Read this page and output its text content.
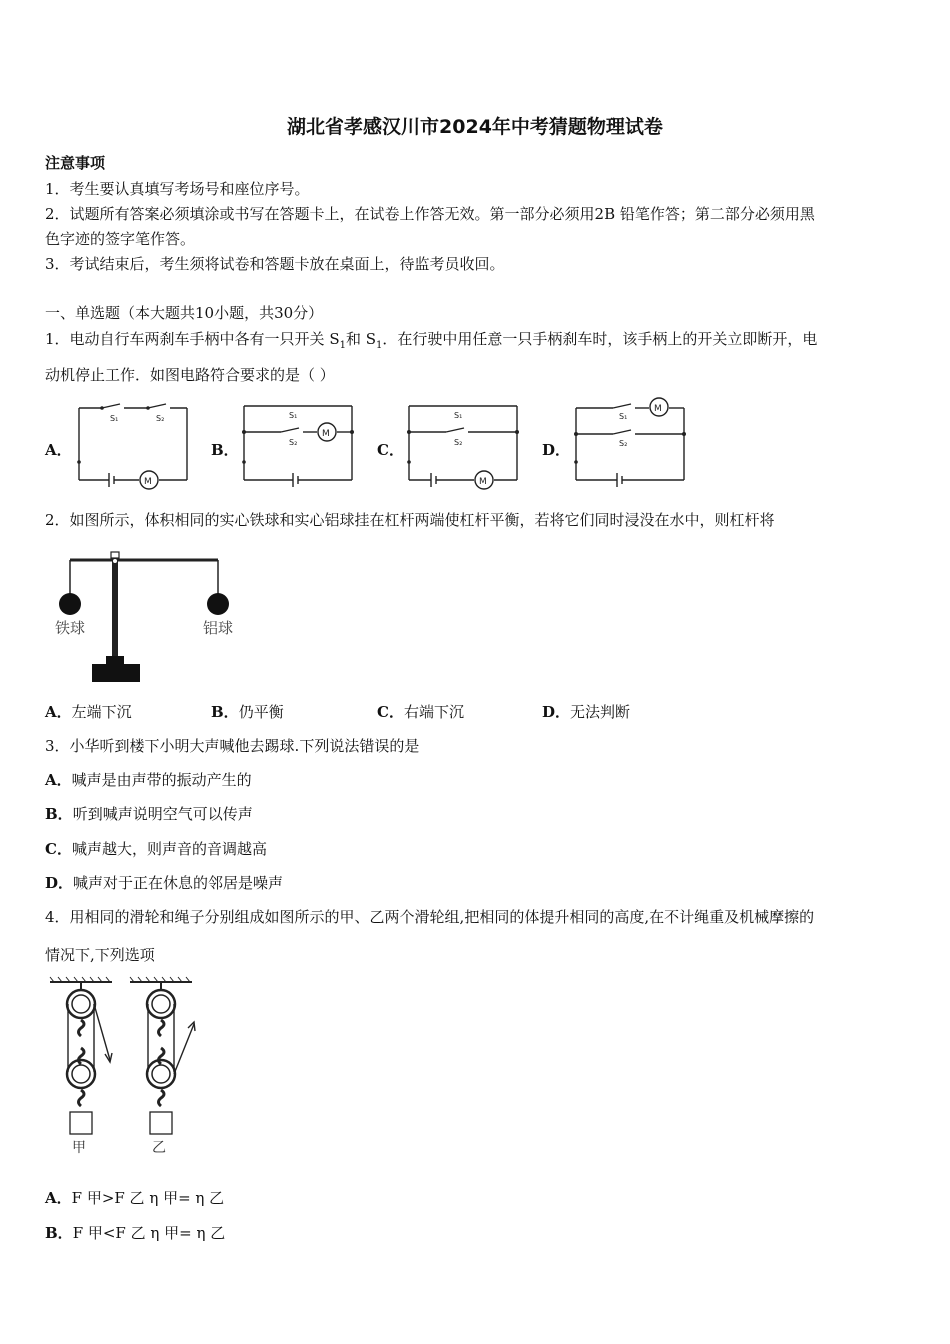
湖北省孝感汉川市2024年中考猜题物理试卷
注意事项
1．考生要认真填写考场号和座位序号。
2．试题所有答案必须填涂或书写在答题卡上，在试卷上作答无效。第一部分必须用2B 铅笔作答；第二部分必须用黑
色字迹的签字笔作答。
3．考试结束后，考生须将试卷和答题卡放在桌面上，待监考员收回。
一、单选题（本大题共10小题，共30分）
1．电动自行车两刹车手柄中各有一只开关 $S_1$和 $S_1$．在行驶中用任意一只手柄刹车时，该手柄上的开关立即断开，电
动机停止工作．如图电路符合要求的是（ ）
A．	B．	C．	D．
S₁	S₂
M
S₁
S₂
M
S₁
S₂
M
S₁
S₂
M
2．如图所示，体积相同的实心铁球和实心铝球挂在杠杆两端使杠杆平衡，若将它们同时浸没在水中，则杠杆将
铁球	铝球
A．左端下沉	B．仍平衡	C．右端下沉	D．无法判断
3．小华听到楼下小明大声喊他去踢球.下列说法错误的是
A．喊声是由声带的振动产生的
B．听到喊声说明空气可以传声
C．喊声越大，则声音的音调越高
D．喊声对于正在休息的邻居是噪声
4．用相同的滑轮和绳子分别组成如图所示的甲、乙两个滑轮组,把相同的体提升相同的高度,在不计绳重及机械摩擦的
情况下,下列选项
甲	乙
A．F 甲>F 乙 η 甲= η 乙
B．F 甲<F 乙 η 甲= η 乙
